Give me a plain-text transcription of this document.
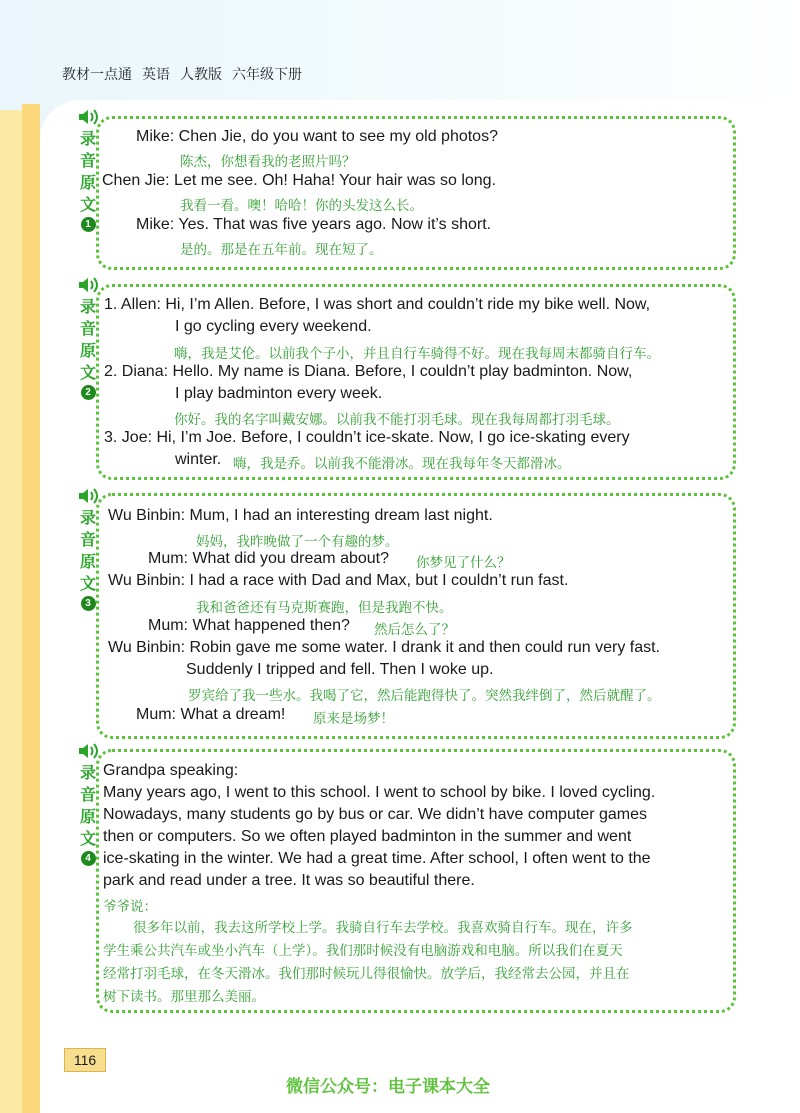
教材一点通 英语 人教版 六年级下册
录
音
原
文
1
Mike: Chen Jie, do you want to see my old photos?
陈杰，你想看我的老照片吗？
Chen Jie: Let me see. Oh! Haha! Your hair was so long.
我看一看。噢！哈哈！你的头发这么长。
Mike: Yes. That was five years ago. Now it’s short.
是的。那是在五年前。现在短了。
录
音
原
文
2
1. Allen: Hi, I’m Allen. Before, I was short and couldn’t ride my bike well. Now,
I go cycling every weekend.
嗨，我是艾伦。以前我个子小，并且自行车骑得不好。现在我每周末都骑自行车。
2. Diana: Hello. My name is Diana. Before, I couldn’t play badminton. Now,
I play badminton every week.
你好。我的名字叫戴安娜。以前我不能打羽毛球。现在我每周都打羽毛球。
3. Joe: Hi, I’m Joe. Before, I couldn’t ice-skate. Now, I go ice-skating every
winter. 嗨，我是乔。以前我不能滑冰。现在我每年冬天都滑冰。
录
音
原
文
3
Wu Binbin: Mum, I had an interesting dream last night.
妈妈，我昨晚做了一个有趣的梦。
Mum: What did you dream about? 你梦见了什么？
Wu Binbin: I had a race with Dad and Max, but I couldn’t run fast.
我和爸爸还有马克斯赛跑，但是我跑不快。
Mum: What happened then? 然后怎么了？
Wu Binbin: Robin gave me some water. I drank it and then could run very fast.
Suddenly I tripped and fell. Then I woke up.
罗宾给了我一些水。我喝了它，然后能跑得快了。突然我绊倒了，然后就醒了。
Mum: What a dream! 原来是场梦！
录
音
原
文
4
Grandpa speaking:
Many years ago, I went to this school. I went to school by bike. I loved cycling.
Nowadays, many students go by bus or car. We didn’t have computer games
then or computers. So we often played badminton in the summer and went
ice-skating in the winter. We had a great time. After school, I often went to the
park and read under a tree. It was so beautiful there.
爷爷说：
很多年以前，我去这所学校上学。我骑自行车去学校。我喜欢骑自行车。现在，许多
学生乘公共汽车或坐小汽车（上学）。我们那时候没有电脑游戏和电脑。所以我们在夏天
经常打羽毛球，在冬天滑冰。我们那时候玩儿得很愉快。放学后，我经常去公园，并且在
树下读书。那里那么美丽。
116
微信公众号：电子课本大全
